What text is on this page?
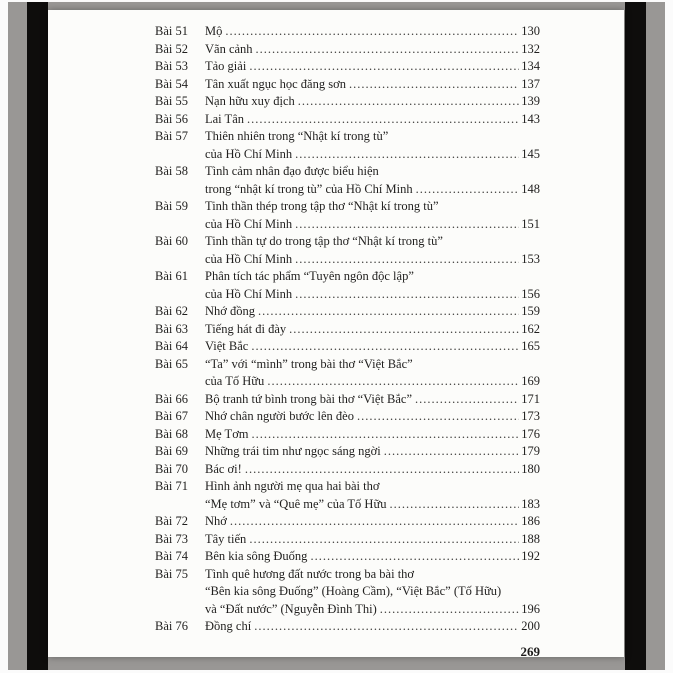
Bài 51	Mộ .....	130
Bài 52	Vãn cảnh .....	132
Bài 53	Tảo giải .....	134
Bài 54	Tân xuất ngục học đăng sơn .....	137
Bài 55	Nạn hữu xuy địch .....	139
Bài 56	Lai Tân .....	143
Bài 57	Thiên nhiên trong “Nhật kí trong tù”
của Hồ Chí Minh .....	145
Bài 58	Tình cảm nhân đạo được biểu hiện
trong “nhật kí trong tù” của Hồ Chí Minh .....	148
Bài 59	Tinh thần thép trong tập thơ “Nhật kí trong tù”
của Hồ Chí Minh .....	151
Bài 60	Tinh thần tự do trong tập thơ “Nhật kí trong tù”
của Hồ Chí Minh .....	153
Bài 61	Phân tích tác phẩm “Tuyên ngôn độc lập”
của Hồ Chí Minh .....	156
Bài 62	Nhớ đồng .....	159
Bài 63	Tiếng hát đi đày .....	162
Bài 64	Việt Bắc .....	165
Bài 65	“Ta” với “mình” trong bài thơ “Việt Bắc”
của Tố Hữu .....	169
Bài 66	Bộ tranh tứ bình trong bài thơ “Việt Bắc” .....	171
Bài 67	Nhớ chân người bước lên đèo .....	173
Bài 68	Mẹ Tơm .....	176
Bài 69	Những trái tim như ngọc sáng ngời .....	179
Bài 70	Bác ơi! .....	180
Bài 71	Hình ảnh người mẹ qua hai bài thơ
“Mẹ tơm” và “Quê mẹ” của Tố Hữu .....	183
Bài 72	Nhớ .....	186
Bài 73	Tây tiến .....	188
Bài 74	Bên kia sông Đuống .....	192
Bài 75	Tình quê hương đất nước trong ba bài thơ
“Bên kia sông Đuống” (Hoàng Cầm), “Việt Bắc” (Tố Hữu)
và “Đất nước” (Nguyễn Đình Thi) .....	196
Bài 76	Đồng chí .....	200
269
